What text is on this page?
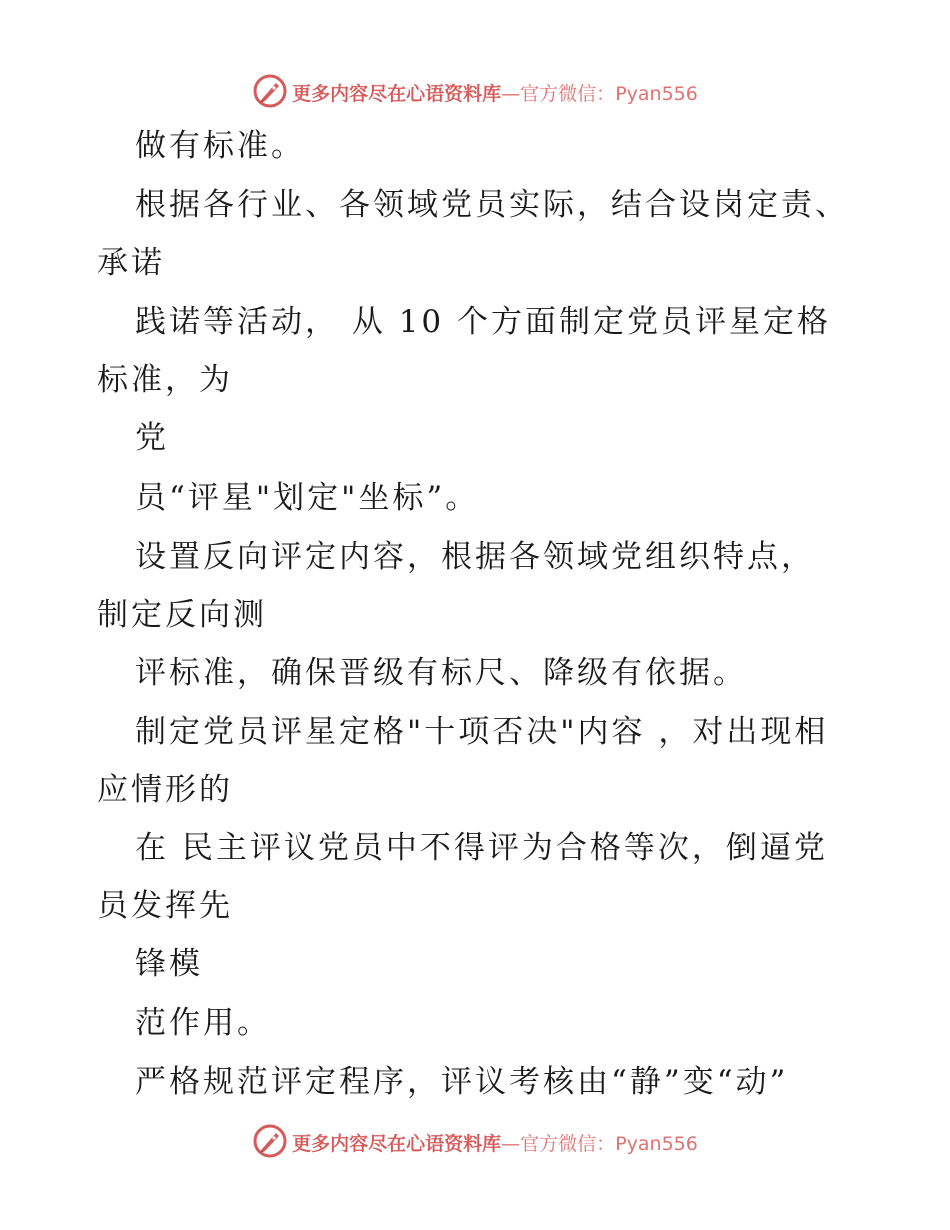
更多内容尽在心语资料库—官方微信：Pyan556
做有标准。
根据各行业、各领域党员实际，结合设岗定责、
承诺
践诺等活动， 从 10 个方面制定党员评星定格
标准，为
党
员“评星"划定"坐标”。
设置反向评定内容，根据各领域党组织特点，
制定反向测
评标准，确保晋级有标尺、降级有依据。
制定党员评星定格"十项否决"内容 ，对出现相
应情形的
在 民主评议党员中不得评为合格等次，倒逼党
员发挥先
锋模
范作用。
严格规范评定程序，评议考核由“静”变“动”
更多内容尽在心语资料库—官方微信：Pyan556
